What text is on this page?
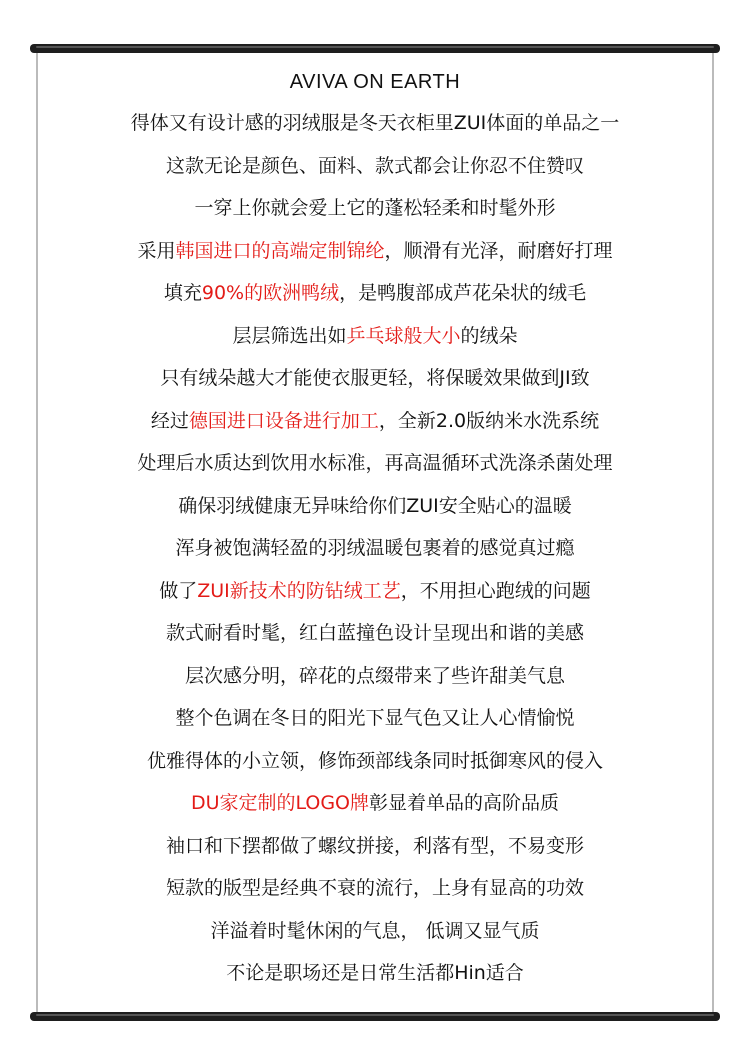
AVIVA ON EARTH
得体又有设计感的羽绒服是冬天衣柜里ZUI体面的单品之一
这款无论是颜色、面料、款式都会让你忍不住赞叹
一穿上你就会爱上它的蓬松轻柔和时髦外形
采用韩国进口的高端定制锦纶，顺滑有光泽，耐磨好打理
填充90%的欧洲鸭绒，是鸭腹部成芦花朵状的绒毛
层层筛选出如乒乓球般大小的绒朵
只有绒朵越大才能使衣服更轻，将保暖效果做到JI致
经过德国进口设备进行加工，全新2.0版纳米水洗系统
处理后水质达到饮用水标准，再高温循环式洗涤杀菌处理
确保羽绒健康无异味给你们ZUI安全贴心的温暖
浑身被饱满轻盈的羽绒温暖包裹着的感觉真过瘾
做了ZUI新技术的防钻绒工艺，不用担心跑绒的问题
款式耐看时髦，红白蓝撞色设计呈现出和谐的美感
层次感分明，碎花的点缀带来了些许甜美气息
整个色调在冬日的阳光下显气色又让人心情愉悦
优雅得体的小立领，修饰颈部线条同时抵御寒风的侵入
DU家定制的LOGO牌彰显着单品的高阶品质
袖口和下摆都做了螺纹拼接，利落有型，不易变形
短款的版型是经典不衰的流行，上身有显高的功效
洋溢着时髦休闲的气息， 低调又显气质
不论是职场还是日常生活都Hin适合
